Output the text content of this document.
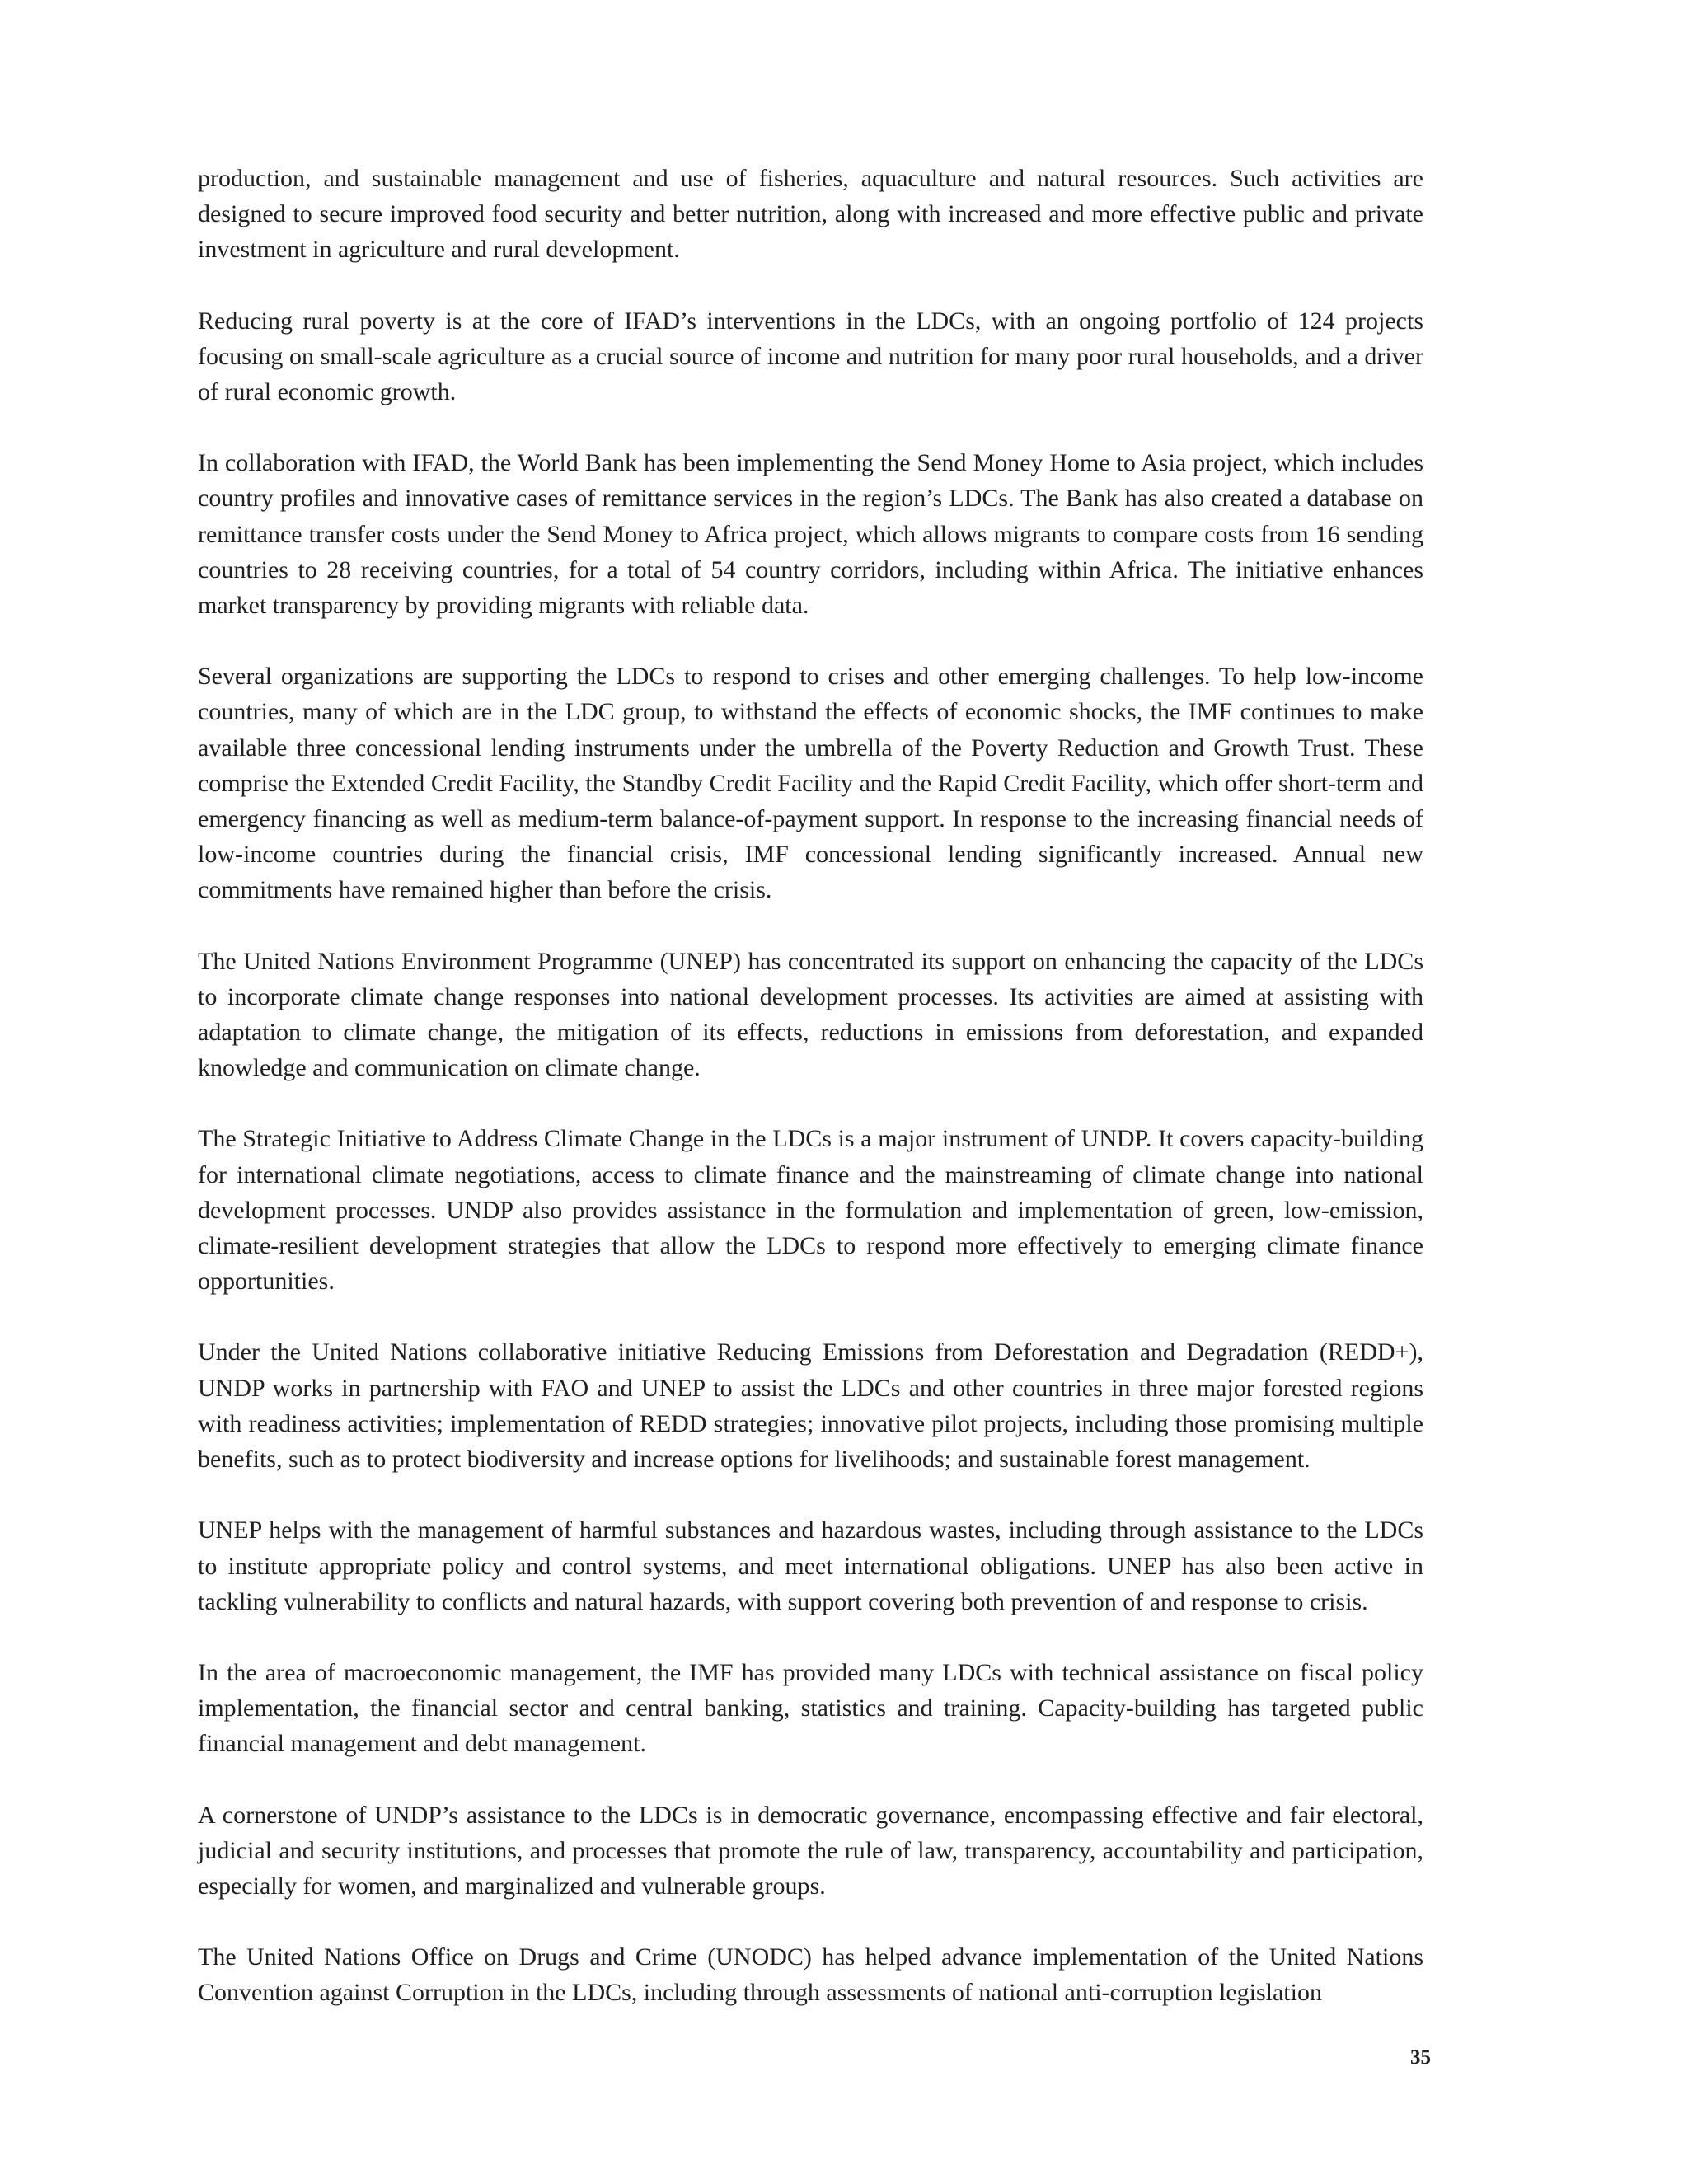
production, and sustainable management and use of fisheries, aquaculture and natural resources. Such activities are designed to secure improved food security and better nutrition, along with increased and more effective public and private investment in agriculture and rural development.

Reducing rural poverty is at the core of IFAD’s interventions in the LDCs, with an ongoing portfolio of 124 projects focusing on small-scale agriculture as a crucial source of income and nutrition for many poor rural households, and a driver of rural economic growth.

In collaboration with IFAD, the World Bank has been implementing the Send Money Home to Asia project, which includes country profiles and innovative cases of remittance services in the region’s LDCs. The Bank has also created a database on remittance transfer costs under the Send Money to Africa project, which allows migrants to compare costs from 16 sending countries to 28 receiving countries, for a total of 54 country corridors, including within Africa. The initiative enhances market transparency by providing migrants with reliable data.

Several organizations are supporting the LDCs to respond to crises and other emerging challenges. To help low-income countries, many of which are in the LDC group, to withstand the effects of economic shocks, the IMF continues to make available three concessional lending instruments under the umbrella of the Poverty Reduction and Growth Trust. These comprise the Extended Credit Facility, the Standby Credit Facility and the Rapid Credit Facility, which offer short-term and emergency financing as well as medium-term balance-of-payment support. In response to the increasing financial needs of low-income countries during the financial crisis, IMF concessional lending significantly increased. Annual new commitments have remained higher than before the crisis.

The United Nations Environment Programme (UNEP) has concentrated its support on enhancing the capacity of the LDCs to incorporate climate change responses into national development processes. Its activities are aimed at assisting with adaptation to climate change, the mitigation of its effects, reductions in emissions from deforestation, and expanded knowledge and communication on climate change.

The Strategic Initiative to Address Climate Change in the LDCs is a major instrument of UNDP. It covers capacity-building for international climate negotiations, access to climate finance and the mainstreaming of climate change into national development processes. UNDP also provides assistance in the formulation and implementation of green, low-emission, climate-resilient development strategies that allow the LDCs to respond more effectively to emerging climate finance opportunities.

Under the United Nations collaborative initiative Reducing Emissions from Deforestation and Degradation (REDD+), UNDP works in partnership with FAO and UNEP to assist the LDCs and other countries in three major forested regions with readiness activities; implementation of REDD strategies; innovative pilot projects, including those promising multiple benefits, such as to protect biodiversity and increase options for livelihoods; and sustainable forest management.

UNEP helps with the management of harmful substances and hazardous wastes, including through assistance to the LDCs to institute appropriate policy and control systems, and meet international obligations. UNEP has also been active in tackling vulnerability to conflicts and natural hazards, with support covering both prevention of and response to crisis.

In the area of macroeconomic management, the IMF has provided many LDCs with technical assistance on fiscal policy implementation, the financial sector and central banking, statistics and training. Capacity-building has targeted public financial management and debt management.

A cornerstone of UNDP’s assistance to the LDCs is in democratic governance, encompassing effective and fair electoral, judicial and security institutions, and processes that promote the rule of law, transparency, accountability and participation, especially for women, and marginalized and vulnerable groups.

The United Nations Office on Drugs and Crime (UNODC) has helped advance implementation of the United Nations Convention against Corruption in the LDCs, including through assessments of national anti-corruption legislation

35
